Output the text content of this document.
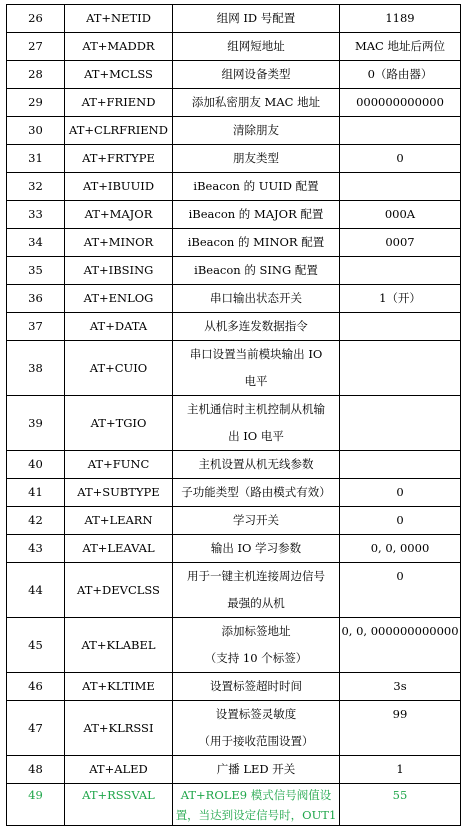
26	AT+NETID	组网 ID 号配置	1189
27	AT+MADDR	组网短地址	MAC 地址后两位
28	AT+MCLSS	组网设备类型	0（路由器）
29	AT+FRIEND	添加私密朋友 MAC 地址	000000000000
30	AT+CLRFRIEND	清除朋友	

31	AT+FRTYPE	朋友类型	0
32	AT+IBUUID	iBeacon 的 UUID 配置	

33	AT+MAJOR	iBeacon 的 MAJOR 配置	000A
34	AT+MINOR	iBeacon 的 MINOR 配置	0007
35	AT+IBSING	iBeacon 的 SING 配置	

36	AT+ENLOG	串口输出状态开关	1（开）
37	AT+DATA	从机多连发数据指令	

38	AT+CUIO	串口设置当前模块输出 IO
电平	

39	AT+TGIO	主机通信时主机控制从机输
出 IO 电平	

40	AT+FUNC	主机设置从机无线参数	

41	AT+SUBTYPE	子功能类型（路由模式有效）	0
42	AT+LEARN	学习开关	0
43	AT+LEAVAL	输出 IO 学习参数	0, 0, 0000
44	AT+DEVCLSS	用于一键主机连接周边信号
最强的从机	0
45	AT+KLABEL	添加标签地址
（支持 10 个标签）	0, 0, 000000000000
46	AT+KLTIME	设置标签超时时间	3s
47	AT+KLRSSI	设置标签灵敏度
（用于接收范围设置）	99
48	AT+ALED	广播 LED 开关	1
49	AT+RSSVAL	AT+ROLE9 模式信号阀值设
置，当达到设定信号时，OUT1	55
